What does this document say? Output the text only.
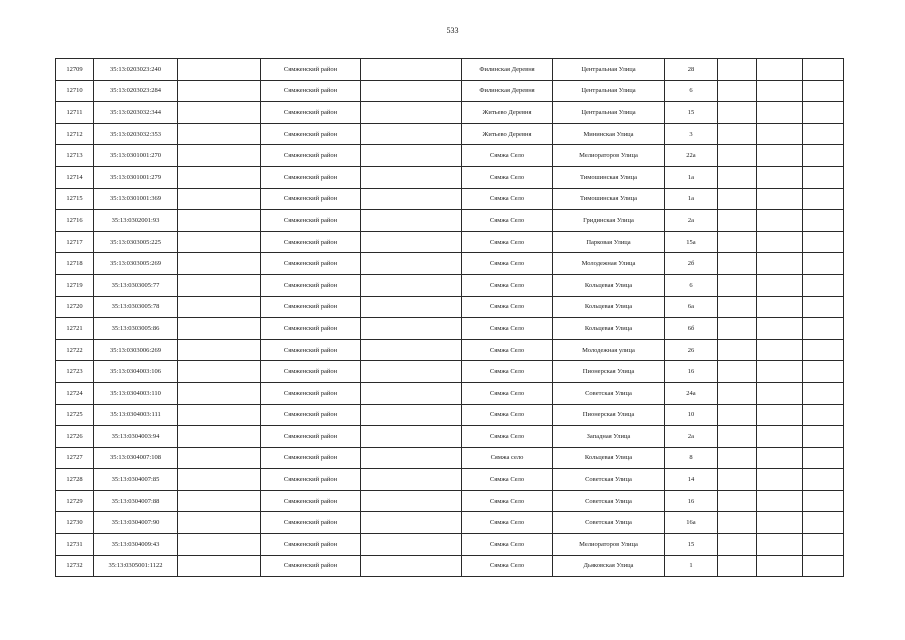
533
12709	35:13:0203023:240		Сямженский район		Филинская Деревня	Центральная Улица	28			
12710	35:13:0203023:284		Сямженский район		Филинская Деревня	Центральная Улица	6			
12711	35:13:0203032:344		Сямженский район		Житьево Деревня	Центральная Улица	15			
12712	35:13:0203032:353		Сямженский район		Житьево Деревня	Мининская Улица	3			
12713	35:13:0301001:270		Сямженский район		Сямжа Село	Мелиораторов Улица	22а			
12714	35:13:0301001:279		Сямженский район		Сямжа Село	Тимошинская Улица	1а			
12715	35:13:0301001:369		Сямженский район		Сямжа Село	Тимошинская Улица	1а			
12716	35:13:0302001:93		Сямженский район		Сямжа Село	Гридинская Улица	2а			
12717	35:13:0303005:225		Сямженский район		Сямжа Село	Парковая Улица	15а			
12718	35:13:0303005:269		Сямженский район		Сямжа Село	Молодежная Улица	2б			
12719	35:13:0303005:77		Сямженский район		Сямжа Село	Кольцевая Улица	6			
12720	35:13:0303005:78		Сямженский район		Сямжа Село	Кольцевая Улица	6а			
12721	35:13:0303005:86		Сямженский район		Сямжа Село	Кольцевая Улица	6б			
12722	35:13:0303006:269		Сямженский район		Сямжа Село	Молодежная улица	26			
12723	35:13:0304003:106		Сямженский район		Сямжа Село	Пионерская Улица	16			
12724	35:13:0304003:110		Сямженский район		Сямжа Село	Советская Улица	24а			
12725	35:13:0304003:111		Сямженский район		Сямжа Село	Пионерская Улица	10			
12726	35:13:0304003:94		Сямженский район		Сямжа Село	Западная Улица	2а			
12727	35:13:0304007:108		Сямженский район		Сямжа село	Кольцевая Улица	8			
12728	35:13:0304007:85		Сямженский район		Сямжа Село	Советская Улица	14			
12729	35:13:0304007:88		Сямженский район		Сямжа Село	Советская Улица	16			
12730	35:13:0304007:90		Сямженский район		Сямжа Село	Советская Улица	16а			
12731	35:13:0304009:43		Сямженский район		Сямжа Село	Мелиораторов Улица	15			
12732	35:13:0305001:1122		Сямженский район		Сямжа Село	Дьяковская Улица	1			
